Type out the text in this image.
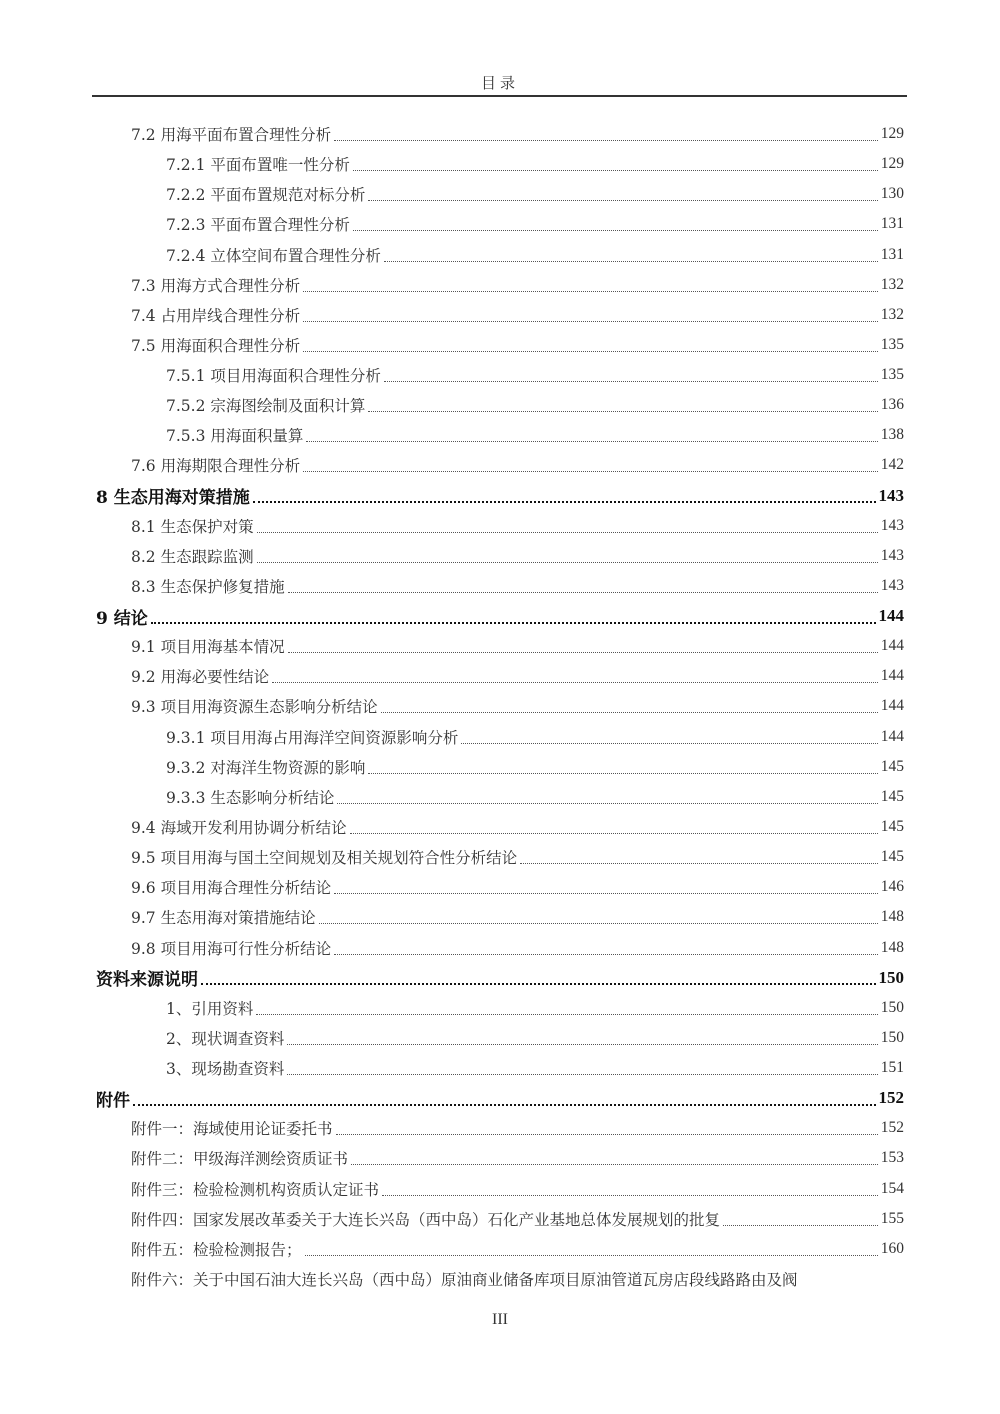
目录
7.2 用海平面布置合理性分析	129
7.2.1 平面布置唯一性分析	129
7.2.2 平面布置规范对标分析	130
7.2.3 平面布置合理性分析	131
7.2.4 立体空间布置合理性分析	131
7.3 用海方式合理性分析	132
7.4 占用岸线合理性分析	132
7.5 用海面积合理性分析	135
7.5.1 项目用海面积合理性分析	135
7.5.2 宗海图绘制及面积计算	136
7.5.3 用海面积量算	138
7.6 用海期限合理性分析	142
8 生态用海对策措施	143
8.1 生态保护对策	143
8.2 生态跟踪监测	143
8.3 生态保护修复措施	143
9 结论	144
9.1 项目用海基本情况	144
9.2 用海必要性结论	144
9.3 项目用海资源生态影响分析结论	144
9.3.1 项目用海占用海洋空间资源影响分析	144
9.3.2 对海洋生物资源的影响	145
9.3.3 生态影响分析结论	145
9.4 海域开发利用协调分析结论	145
9.5 项目用海与国土空间规划及相关规划符合性分析结论	145
9.6 项目用海合理性分析结论	146
9.7 生态用海对策措施结论	148
9.8 项目用海可行性分析结论	148
资料来源说明	150
1、引用资料	150
2、现状调查资料	150
3、现场勘查资料	151
附件	152
附件一：海域使用论证委托书	152
附件二：甲级海洋测绘资质证书	153
附件三：检验检测机构资质认定证书	154
附件四：国家发展改革委关于大连长兴岛（西中岛）石化产业基地总体发展规划的批复	155
附件五：检验检测报告；	160
附件六：关于中国石油大连长兴岛（西中岛）原油商业储备库项目原油管道瓦房店段线路路由及阀
III
